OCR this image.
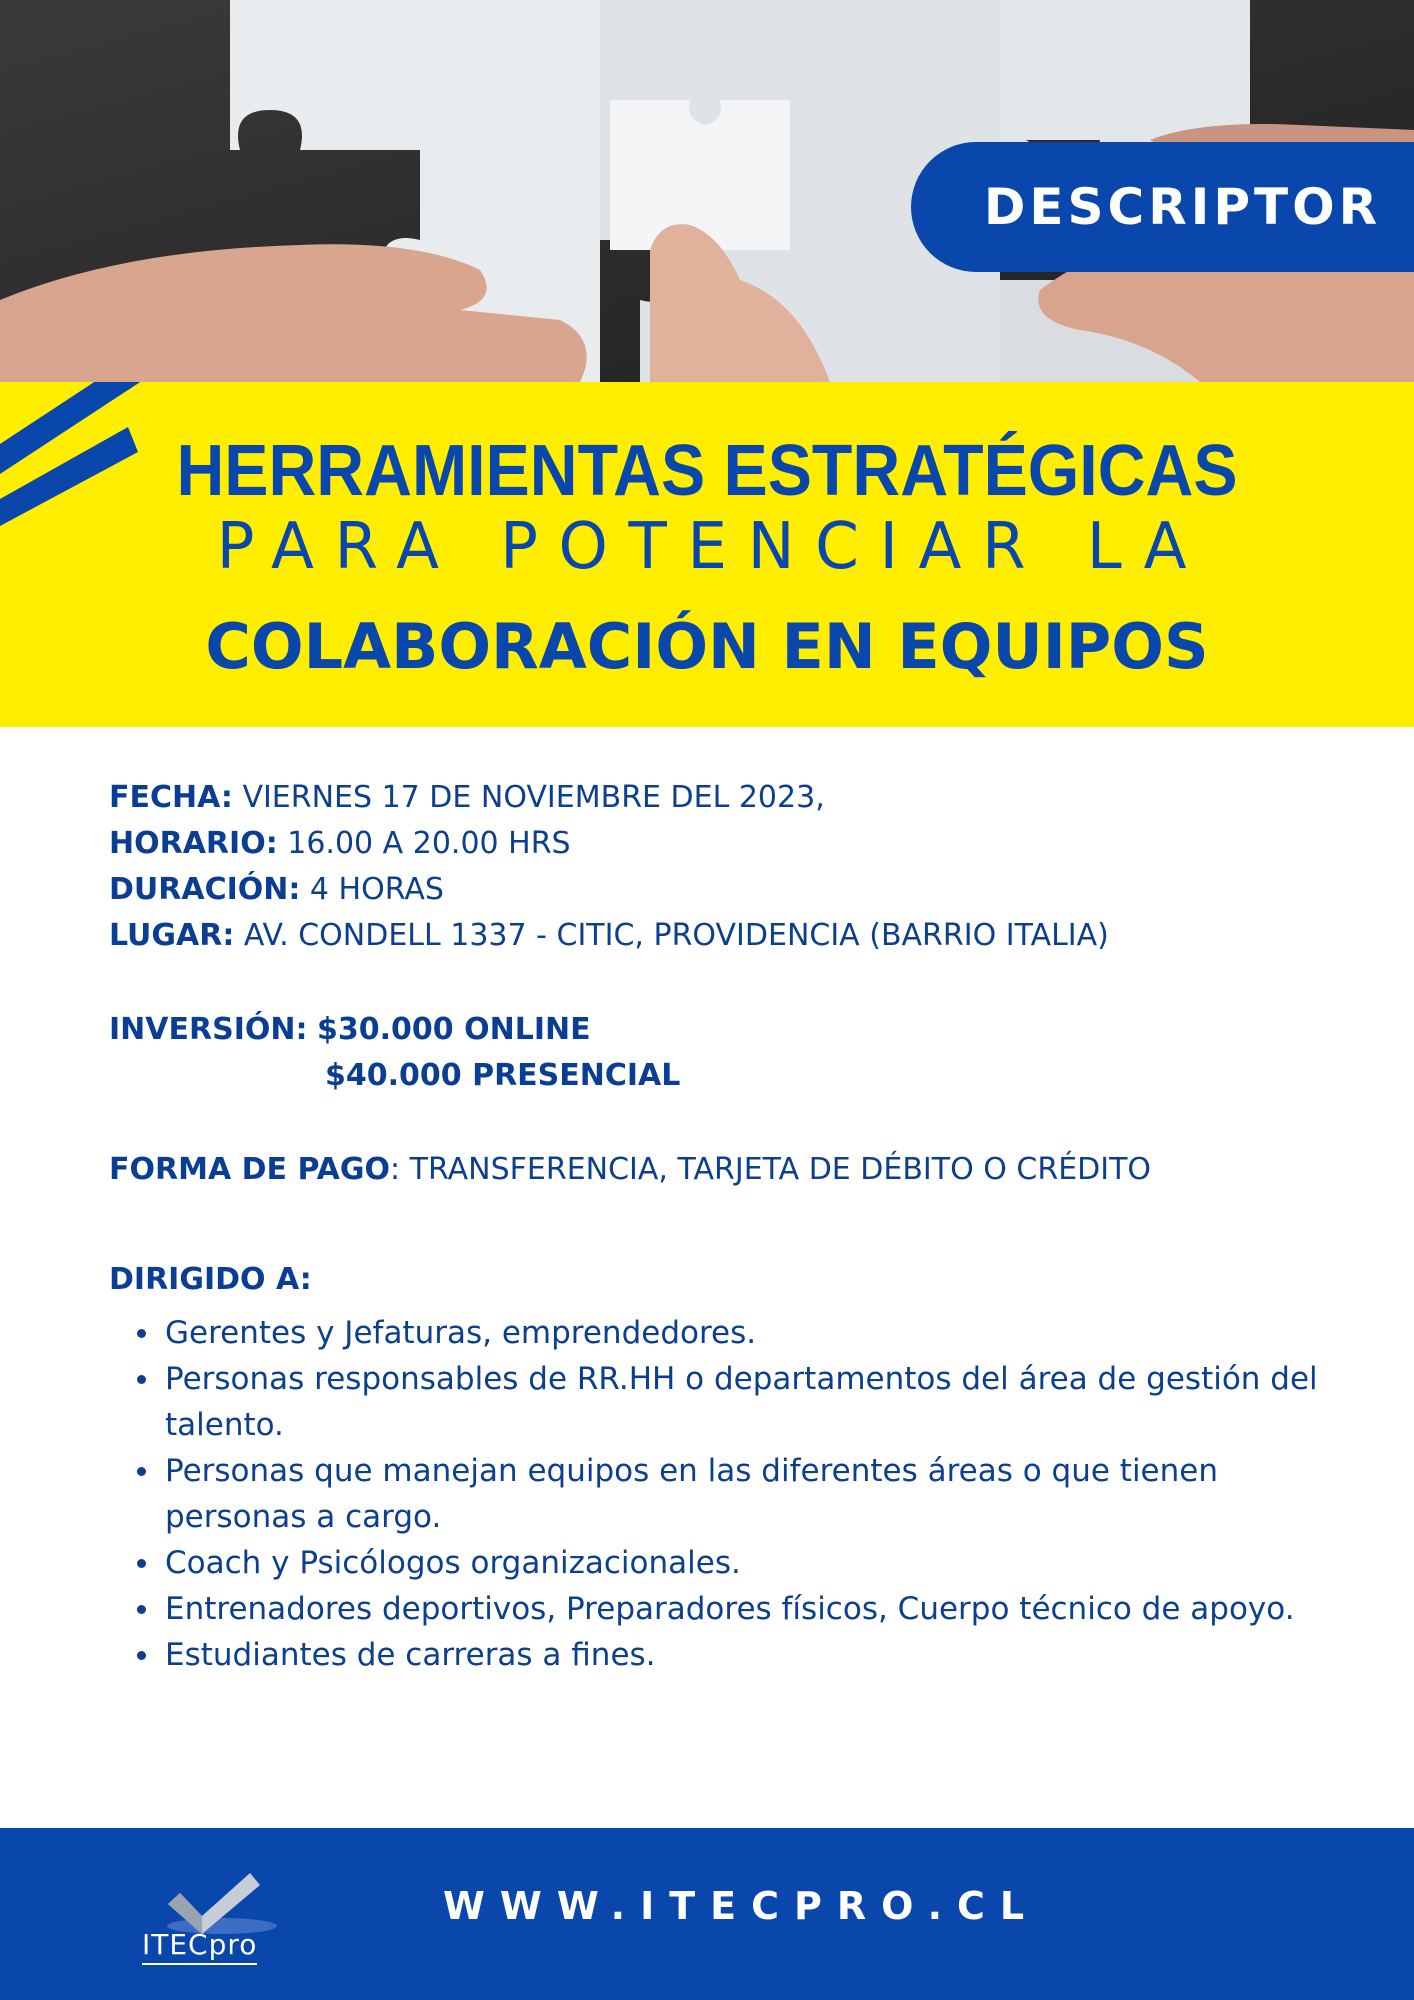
DESCRIPTOR
HERRAMIENTAS ESTRATÉGICAS
PARA POTENCIAR LA
COLABORACIÓN EN EQUIPOS
FECHA: VIERNES 17 DE NOVIEMBRE DEL 2023,
HORARIO: 16.00 A 20.00 HRS
DURACIÓN: 4 HORAS
LUGAR: AV. CONDELL 1337 - CITIC, PROVIDENCIA (BARRIO ITALIA)
INVERSIÓN: $30.000 ONLINE
$40.000 PRESENCIAL
FORMA DE PAGO: TRANSFERENCIA, TARJETA DE DÉBITO O CRÉDITO
DIRIGIDO A:
Gerentes y Jefaturas, emprendedores.
Personas responsables de RR.HH o departamentos del área de gestión del talento.
Personas que manejan equipos en las diferentes áreas o que tienen personas a cargo.
Coach y Psicólogos organizacionales.
Entrenadores deportivos, Preparadores físicos, Cuerpo técnico de apoyo.
Estudiantes de carreras a fines.
ITECpro
WWW.ITECPRO.CL
